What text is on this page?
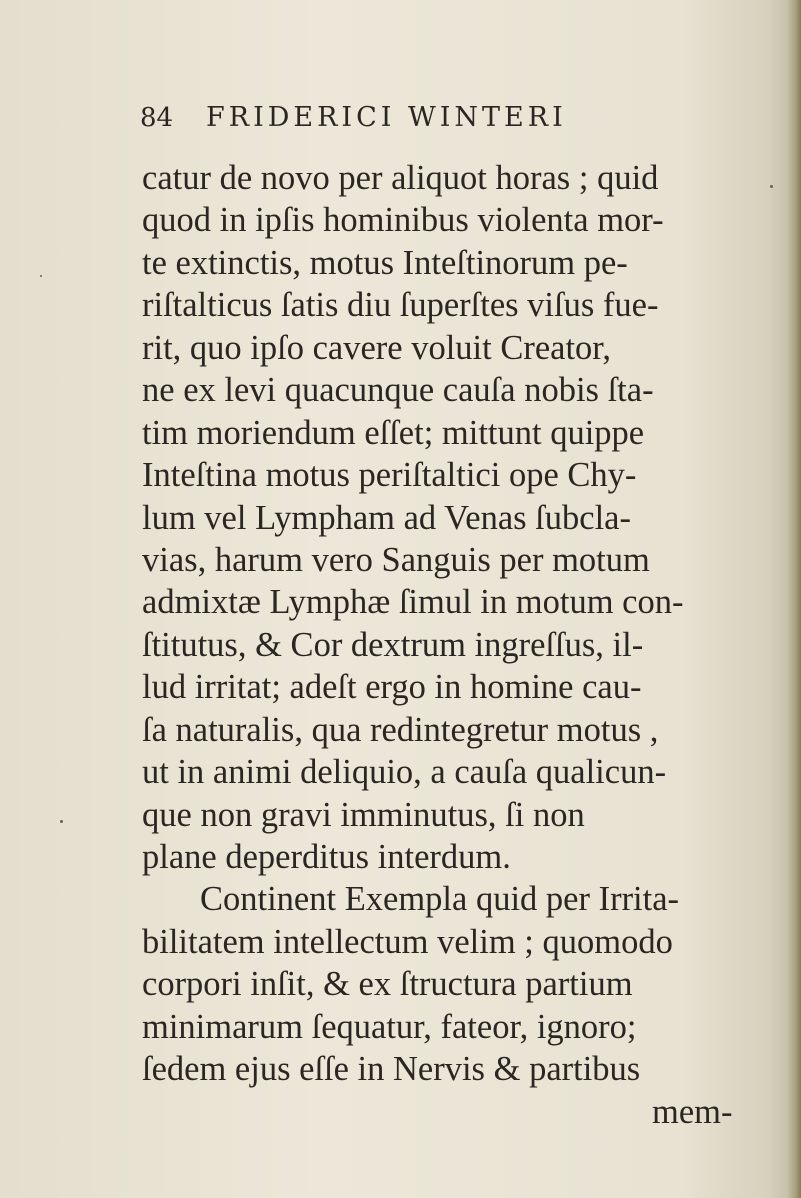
84 FRIDERICI WINTERI
catur de novo per aliquot horas ; quid
quod in ipſis hominibus violenta mor-
te extinctis, motus Inteſtinorum pe-
riſtalticus ſatis diu ſuperſtes viſus fue-
rit, quo ipſo cavere voluit Creator,
ne ex levi quacunque cauſa nobis ſta-
tim moriendum eſſet; mittunt quippe
Inteſtina motus periſtaltici ope Chy-
lum vel Lympham ad Venas ſubcla-
vias, harum vero Sanguis per motum
admixtæ Lymphæ ſimul in motum con-
ſtitutus, & Cor dextrum ingreſſus, il-
lud irritat; adeſt ergo in homine cau-
ſa naturalis, qua redintegretur motus ,
ut in animi deliquio, a cauſa qualicun-
que non gravi imminutus, ſi non
plane deperditus interdum.
Continent Exempla quid per Irrita-
bilitatem intellectum velim ; quomodo
corpori inſit, & ex ſtructura partium
minimarum ſequatur, fateor, ignoro;
ſedem ejus eſſe in Nervis & partibus
mem-
